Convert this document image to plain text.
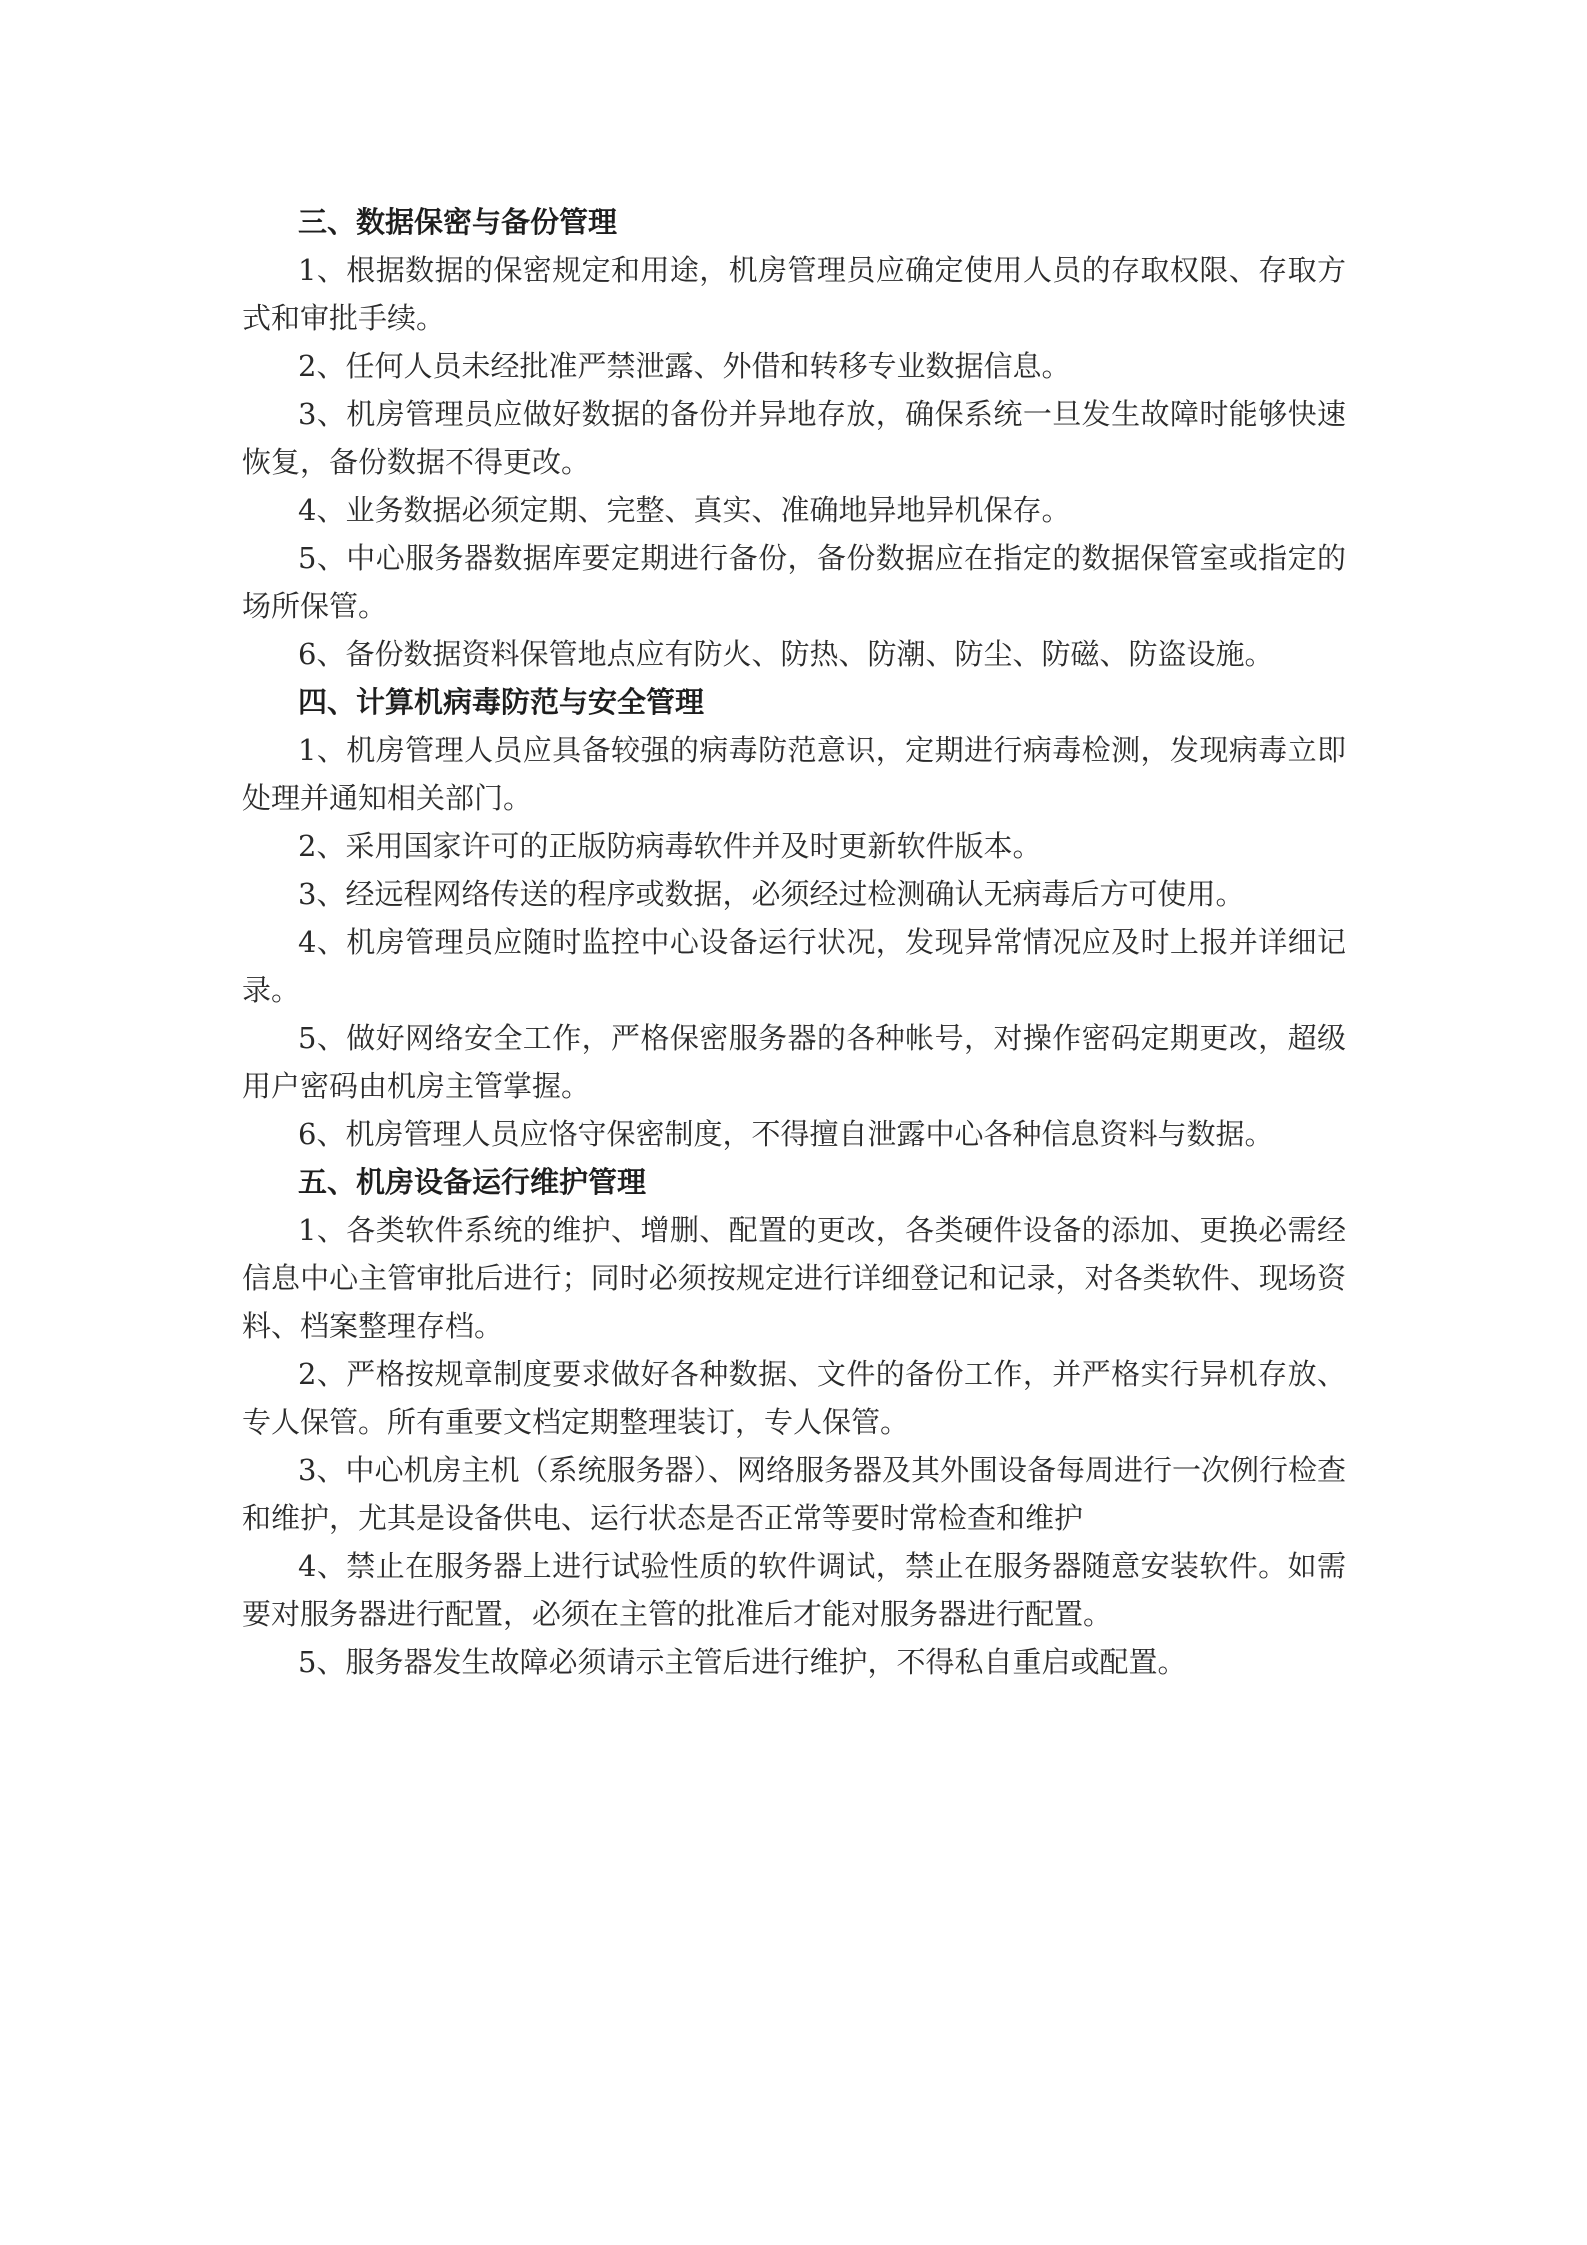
三、数据保密与备份管理

1、根据数据的保密规定和用途，机房管理员应确定使用人员的存取权限、存取方式和审批手续。

2、任何人员未经批准严禁泄露、外借和转移专业数据信息。

3、机房管理员应做好数据的备份并异地存放，确保系统一旦发生故障时能够快速恢复，备份数据不得更改。

4、业务数据必须定期、完整、真实、准确地异地异机保存。

5、中心服务器数据库要定期进行备份，备份数据应在指定的数据保管室或指定的场所保管。

6、备份数据资料保管地点应有防火、防热、防潮、防尘、防磁、防盗设施。

四、计算机病毒防范与安全管理

1、机房管理人员应具备较强的病毒防范意识，定期进行病毒检测，发现病毒立即处理并通知相关部门。

2、采用国家许可的正版防病毒软件并及时更新软件版本。

3、经远程网络传送的程序或数据，必须经过检测确认无病毒后方可使用。

4、机房管理员应随时监控中心设备运行状况，发现异常情况应及时上报并详细记录。

5、做好网络安全工作，严格保密服务器的各种帐号，对操作密码定期更改，超级用户密码由机房主管掌握。

6、机房管理人员应恪守保密制度，不得擅自泄露中心各种信息资料与数据。

五、机房设备运行维护管理

1、各类软件系统的维护、增删、配置的更改，各类硬件设备的添加、更换必需经信息中心主管审批后进行；同时必须按规定进行详细登记和记录，对各类软件、现场资料、档案整理存档。

2、严格按规章制度要求做好各种数据、文件的备份工作，并严格实行异机存放、专人保管。所有重要文档定期整理装订，专人保管。

3、中心机房主机（系统服务器）、网络服务器及其外围设备每周进行一次例行检查和维护，尤其是设备供电、运行状态是否正常等要时常检查和维护

4、禁止在服务器上进行试验性质的软件调试，禁止在服务器随意安装软件。如需要对服务器进行配置，必须在主管的批准后才能对服务器进行配置。

5、服务器发生故障必须请示主管后进行维护，不得私自重启或配置。
